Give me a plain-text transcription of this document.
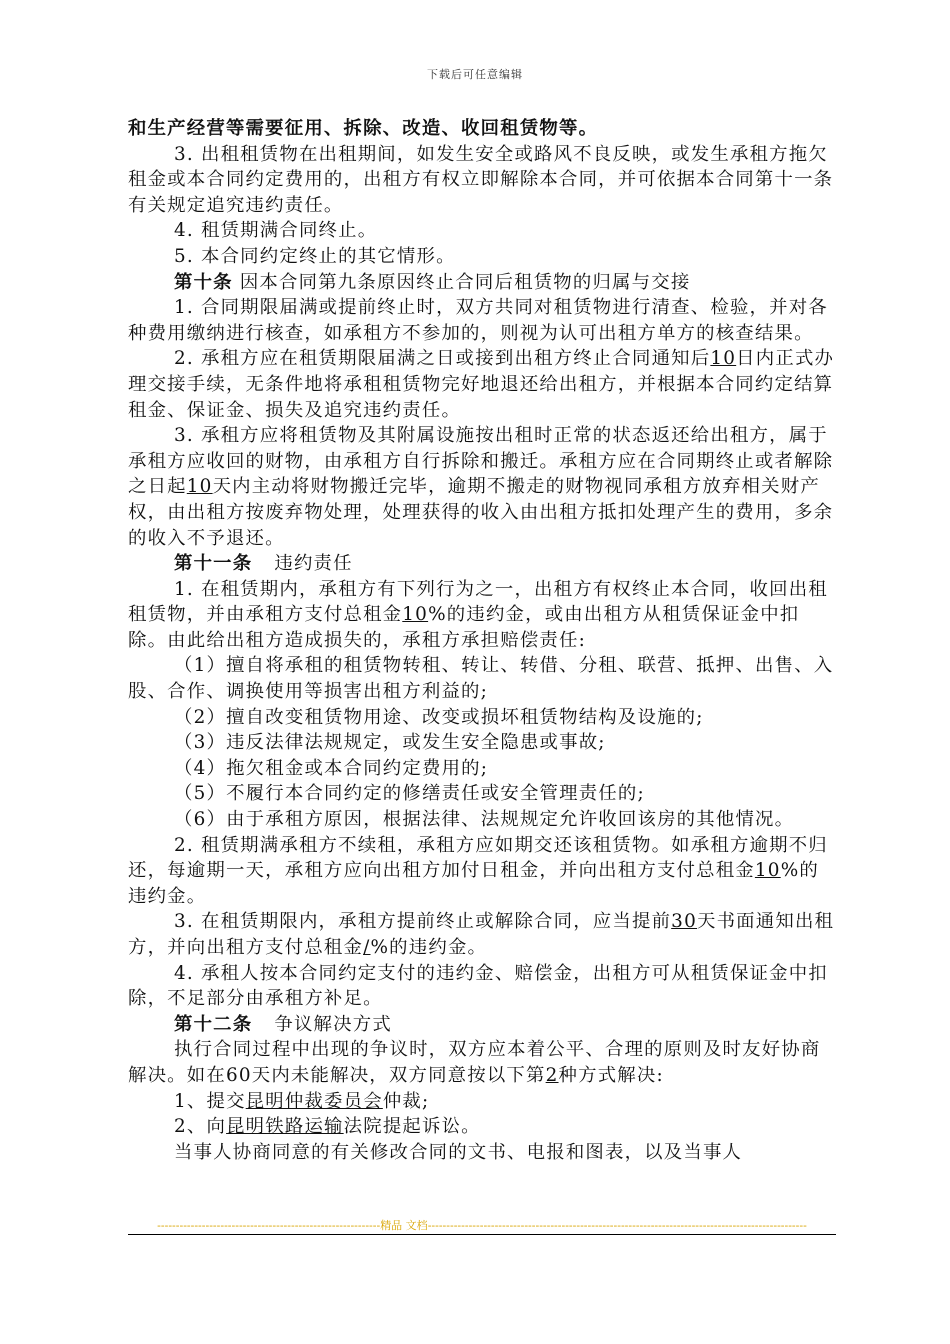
下载后可任意编辑

和生产经营等需要征用、拆除、改造、收回租赁物等。

3. 出租租赁物在出租期间，如发生安全或路风不良反映，或发生承租方拖欠租金或本合同约定费用的，出租方有权立即解除本合同，并可依据本合同第十一条有关规定追究违约责任。

4. 租赁期满合同终止。

5. 本合同约定终止的其它情形。

第十条 因本合同第九条原因终止合同后租赁物的归属与交接

1. 合同期限届满或提前终止时，双方共同对租赁物进行清查、检验，并对各种费用缴纳进行核查，如承租方不参加的，则视为认可出租方单方的核查结果。

2. 承租方应在租赁期限届满之日或接到出租方终止合同通知后10日内正式办理交接手续，无条件地将承租租赁物完好地退还给出租方，并根据本合同约定结算租金、保证金、损失及追究违约责任。

3. 承租方应将租赁物及其附属设施按出租时正常的状态返还给出租方，属于承租方应收回的财物，由承租方自行拆除和搬迁。承租方应在合同期终止或者解除之日起10天内主动将财物搬迁完毕，逾期不搬走的财物视同承租方放弃相关财产权，由出租方按废弃物处理，处理获得的收入由出租方抵扣处理产生的费用，多余的收入不予退还。

第十一条 违约责任

1. 在租赁期内，承租方有下列行为之一，出租方有权终止本合同，收回出租租赁物，并由承租方支付总租金10%的违约金，或由出租方从租赁保证金中扣除。由此给出租方造成损失的，承租方承担赔偿责任:

（1）擅自将承租的租赁物转租、转让、转借、分租、联营、抵押、出售、入股、合作、调换使用等损害出租方利益的;

（2）擅自改变租赁物用途、改变或损坏租赁物结构及设施的;

（3）违反法律法规规定，或发生安全隐患或事故;

（4）拖欠租金或本合同约定费用的;

（5）不履行本合同约定的修缮责任或安全管理责任的;

（6）由于承租方原因，根据法律、法规规定允许收回该房的其他情况。

2. 租赁期满承租方不续租，承租方应如期交还该租赁物。如承租方逾期不归还，每逾期一天，承租方应向出租方加付日租金，并向出租方支付总租金10%的违约金。

3. 在租赁期限内，承租方提前终止或解除合同，应当提前30天书面通知出租方，并向出租方支付总租金/%的违约金。

4. 承租人按本合同约定支付的违约金、赔偿金，出租方可从租赁保证金中扣除，不足部分由承租方补足。

第十二条 争议解决方式

执行合同过程中出现的争议时，双方应本着公平、合理的原则及时友好协商解决。如在60天内未能解决，双方同意按以下第2种方式解决:

1、提交昆明仲裁委员会仲裁;

2、向昆明铁路运输法院提起诉讼。

当事人协商同意的有关修改合同的文书、电报和图表，以及当事人

------------------------------------------------------------精品 文档------------------------------------------------------------------------------------------------------
